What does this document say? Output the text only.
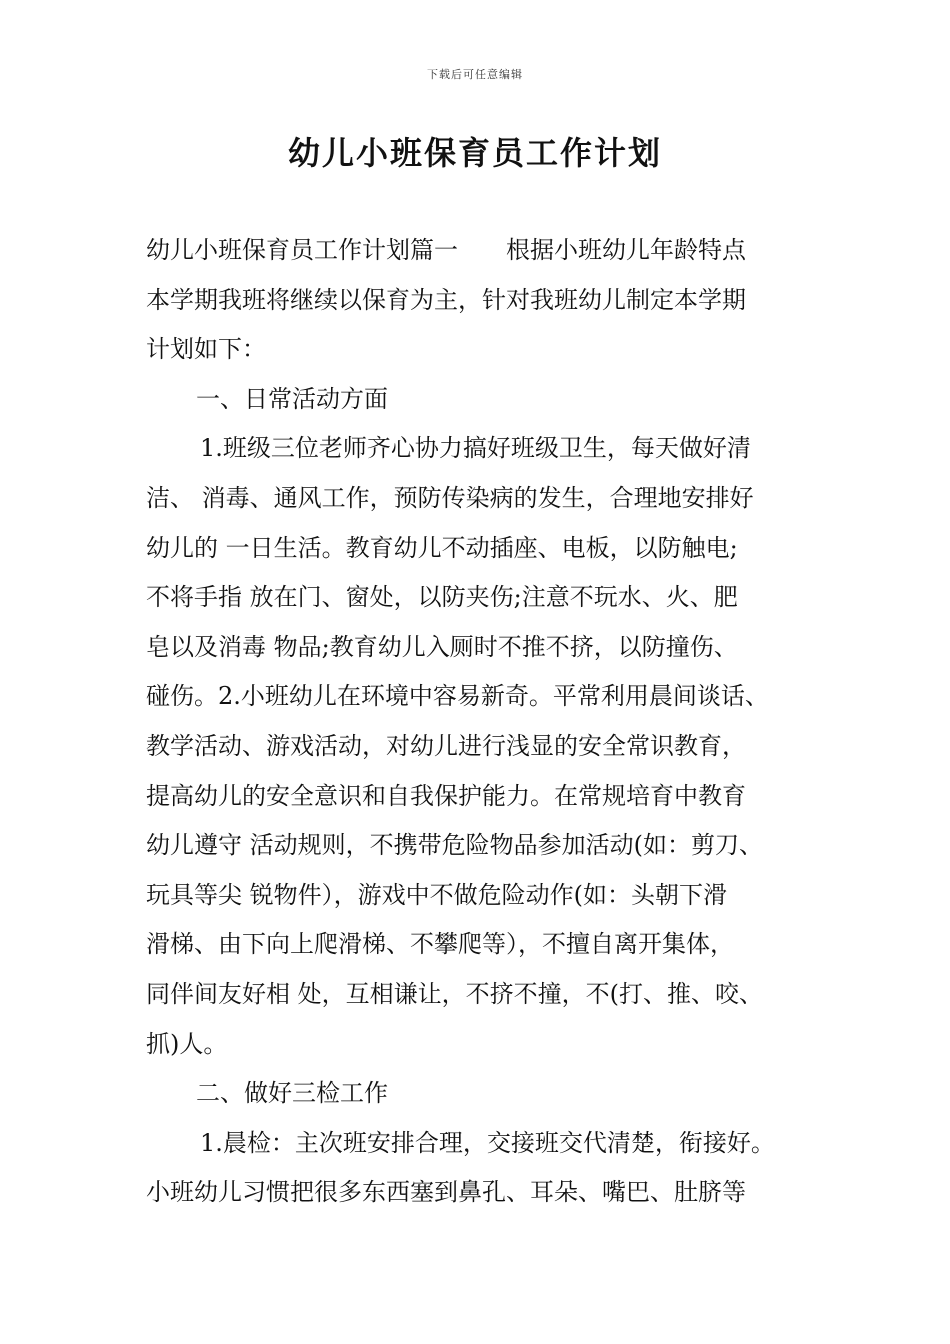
下载后可任意编辑
幼儿小班保育员工作计划
幼儿小班保育员工作计划篇一　　根据小班幼儿年龄特点
本学期我班将继续以保育为主，针对我班幼儿制定本学期
计划如下：
一、日常活动方面
1.班级三位老师齐心协力搞好班级卫生，每天做好清
洁、 消毒、通风工作，预防传染病的发生，合理地安排好
幼儿的 一日生活。教育幼儿不动插座、电板，以防触电;
不将手指 放在门、窗处，以防夹伤;注意不玩水、火、肥
皂以及消毒 物品;教育幼儿入厕时不推不挤，以防撞伤、
碰伤。2.小班幼儿在环境中容易新奇。平常利用晨间谈话、
教学活动、游戏活动，对幼儿进行浅显的安全常识教育，
提高幼儿的安全意识和自我保护能力。在常规培育中教育
幼儿遵守 活动规则，不携带危险物品参加活动(如：剪刀、
玩具等尖 锐物件），游戏中不做危险动作(如：头朝下滑
滑梯、由下向上爬滑梯、不攀爬等），不擅自离开集体，
同伴间友好相 处，互相谦让，不挤不撞，不(打、推、咬、
抓)人。
二、做好三检工作
1.晨检：主次班安排合理，交接班交代清楚，衔接好。
小班幼儿习惯把很多东西塞到鼻孔、耳朵、嘴巴、肚脐等
